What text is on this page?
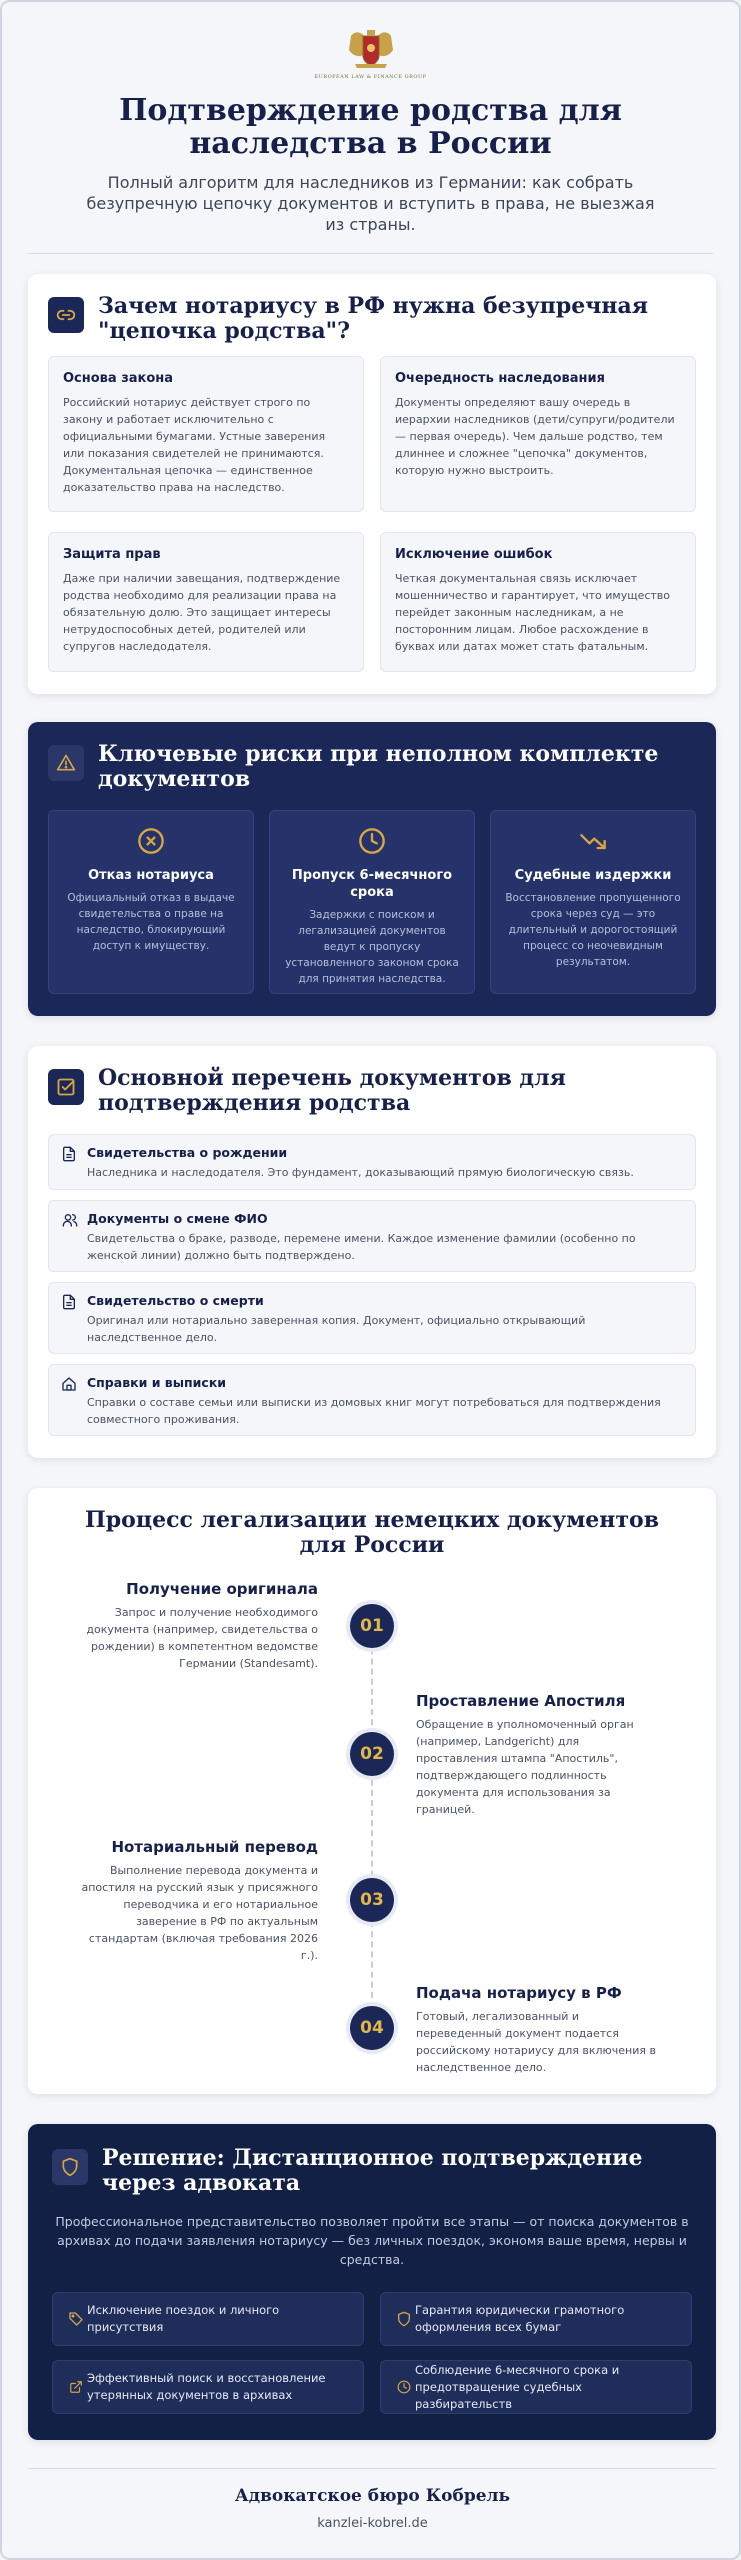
EUROPEAN LAW & FINANCE GROUP
Подтверждение родства для наследства в России

Полный алгоритм для наследников из Германии: как собрать безупречную цепочку документов и вступить в права, не выезжая из страны.

Зачем нотариусу в РФ нужна безупречная "цепочка родства"?
Основа закона

Российский нотариус действует строго по закону и работает исключительно с официальными бумагами. Устные заверения или показания свидетелей не принимаются. Документальная цепочка — единственное доказательство права на наследство.

Очередность наследования

Документы определяют вашу очередь в иерархии наследников (дети/супруги/родители — первая очередь). Чем дальше родство, тем длиннее и сложнее "цепочка" документов, которую нужно выстроить.

Защита прав

Даже при наличии завещания, подтверждение родства необходимо для реализации права на обязательную долю. Это защищает интересы нетрудоспособных детей, родителей или супругов наследодателя.

Исключение ошибок

Четкая документальная связь исключает мошенничество и гарантирует, что имущество перейдет законным наследникам, а не посторонним лицам. Любое расхождение в буквах или датах может стать фатальным.

Ключевые риски при неполном комплекте документов
Отказ нотариуса

Официальный отказ в выдаче свидетельства о праве на наследство, блокирующий доступ к имуществу.

Пропуск 6-месячного срока

Задержки с поиском и легализацией документов ведут к пропуску установленного законом срока для принятия наследства.

Судебные издержки

Восстановление пропущенного срока через суд — это длительный и дорогостоящий процесс со неочевидным результатом.

Основной перечень документов для подтверждения родства
Свидетельства о рождении

Наследника и наследодателя. Это фундамент, доказывающий прямую биологическую связь.

Документы о смене ФИО

Свидетельства о браке, разводе, перемене имени. Каждое изменение фамилии (особенно по женской линии) должно быть подтверждено.

Свидетельство о смерти

Оригинал или нотариально заверенная копия. Документ, официально открывающий наследственное дело.

Справки и выписки

Справки о составе семьи или выписки из домовых книг могут потребоваться для подтверждения совместного проживания.

Процесс легализации немецких документов для России
Получение оригинала

Запрос и получение необходимого документа (например, свидетельства о рождении) в компетентном ведомстве Германии (Standesamt).

01
Проставление Апостиля

Обращение в уполномоченный орган (например, Landgericht) для проставления штампа "Апостиль", подтверждающего подлинность документа для использования за границей.

02
Нотариальный перевод

Выполнение перевода документа и апостиля на русский язык у присяжного переводчика и его нотариальное заверение в РФ по актуальным стандартам (включая требования 2026 г.).

03
Подача нотариусу в РФ

Готовый, легализованный и переведенный документ подается российскому нотариусу для включения в наследственное дело.

04
Решение: Дистанционное подтверждение через адвоката

Профессиональное представительство позволяет пройти все этапы — от поиска документов в архивах до подачи заявления нотариусу — без личных поездок, экономя ваше время, нервы и средства.

Исключение поездок и личного присутствия
Гарантия юридически грамотного оформления всех бумаг
Эффективный поиск и восстановление утерянных документов в архивах
Соблюдение 6-месячного срока и предотвращение судебных разбирательств
Адвокатское бюро Кобрель
kanzlei-kobrel.de
